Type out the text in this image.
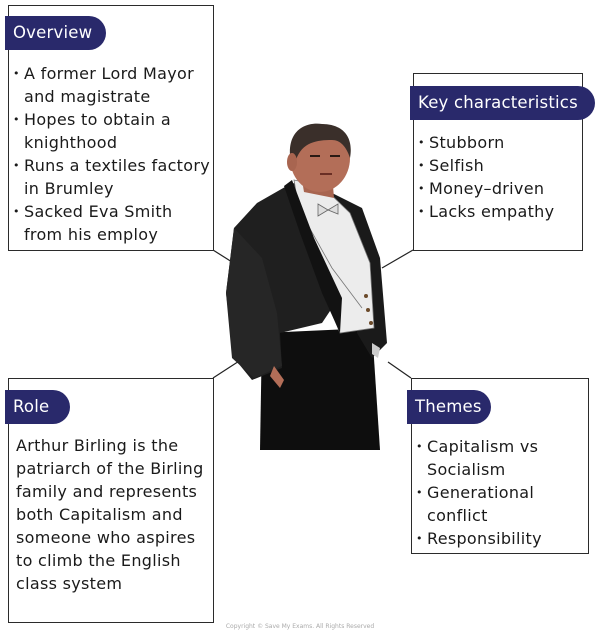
Overview
• A former Lord Mayor and magistrate
• Hopes to obtain a knighthood
• Runs a textiles factory in Brumley
• Sacked Eva Smith from his employ
Key characteristics
• Stubborn
• Selfish
• Money–driven
• Lacks empathy
Role
Arthur Birling is the patriarch of the Birling family and represents both Capitalism and someone who aspires to climb the English class system
Themes
• Capitalism vs Socialism
• Generational conflict
• Responsibility
Copyright © Save My Exams. All Rights Reserved
